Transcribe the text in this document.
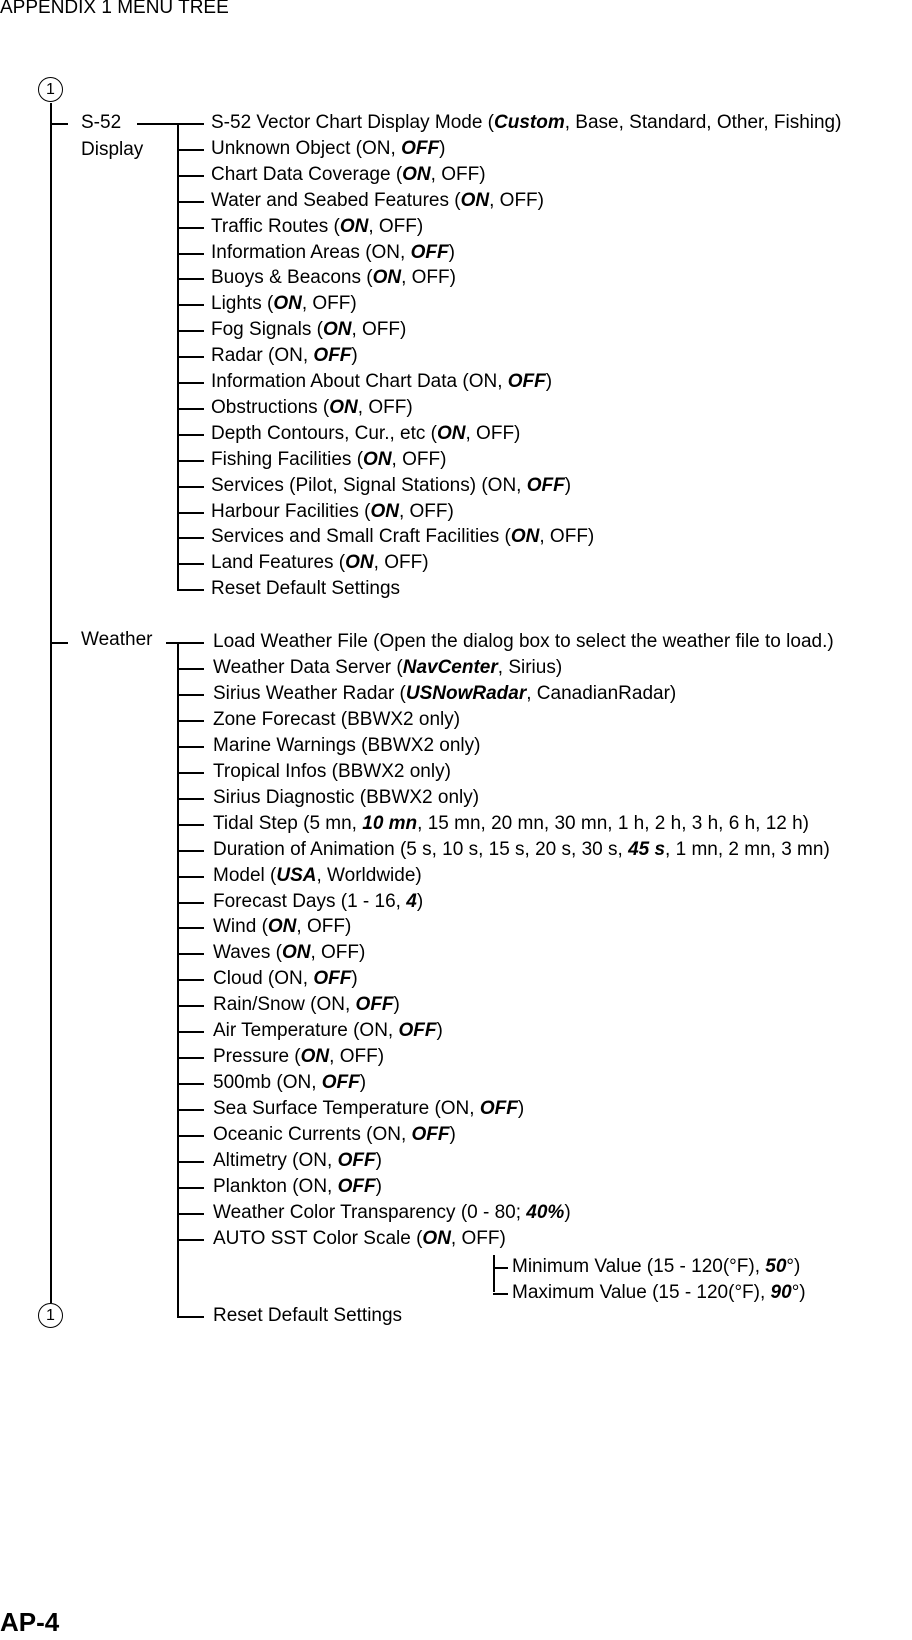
APPENDIX 1 MENU TREE
1
1
S-52
Display
Weather
S-52 Vector Chart Display Mode (Custom, Base, Standard, Other, Fishing)
Unknown Object (ON, OFF)
Chart Data Coverage (ON, OFF)
Water and Seabed Features (ON, OFF)
Traffic Routes (ON, OFF)
Information Areas (ON, OFF)
Buoys & Beacons (ON, OFF)
Lights (ON, OFF)
Fog Signals (ON, OFF)
Radar (ON, OFF)
Information About Chart Data (ON, OFF)
Obstructions (ON, OFF)
Depth Contours, Cur., etc (ON, OFF)
Fishing Facilities (ON, OFF)
Services (Pilot, Signal Stations) (ON, OFF)
Harbour Facilities (ON, OFF)
Services and Small Craft Facilities (ON, OFF)
Land Features (ON, OFF)
Reset Default Settings
Load Weather File (Open the dialog box to select the weather file to load.)
Weather Data Server (NavCenter, Sirius)
Sirius Weather Radar (USNowRadar, CanadianRadar)
Zone Forecast (BBWX2 only)
Marine Warnings (BBWX2 only)
Tropical Infos (BBWX2 only)
Sirius Diagnostic (BBWX2 only)
Tidal Step (5 mn, 10 mn, 15 mn, 20 mn, 30 mn, 1 h, 2 h, 3 h, 6 h, 12 h)
Duration of Animation (5 s, 10 s, 15 s, 20 s, 30 s, 45 s, 1 mn, 2 mn, 3 mn)
Model (USA, Worldwide)
Forecast Days (1 - 16, 4)
Wind (ON, OFF)
Waves (ON, OFF)
Cloud (ON, OFF)
Rain/Snow (ON, OFF)
Air Temperature (ON, OFF)
Pressure (ON, OFF)
500mb (ON, OFF)
Sea Surface Temperature (ON, OFF)
Oceanic Currents (ON, OFF)
Altimetry (ON, OFF)
Plankton (ON, OFF)
Weather Color Transparency (0 - 80; 40%)
AUTO SST Color Scale (ON, OFF)
Reset Default Settings
Minimum Value (15 - 120(°F), 50°)
Maximum Value (15 - 120(°F), 90°)
AP-4
